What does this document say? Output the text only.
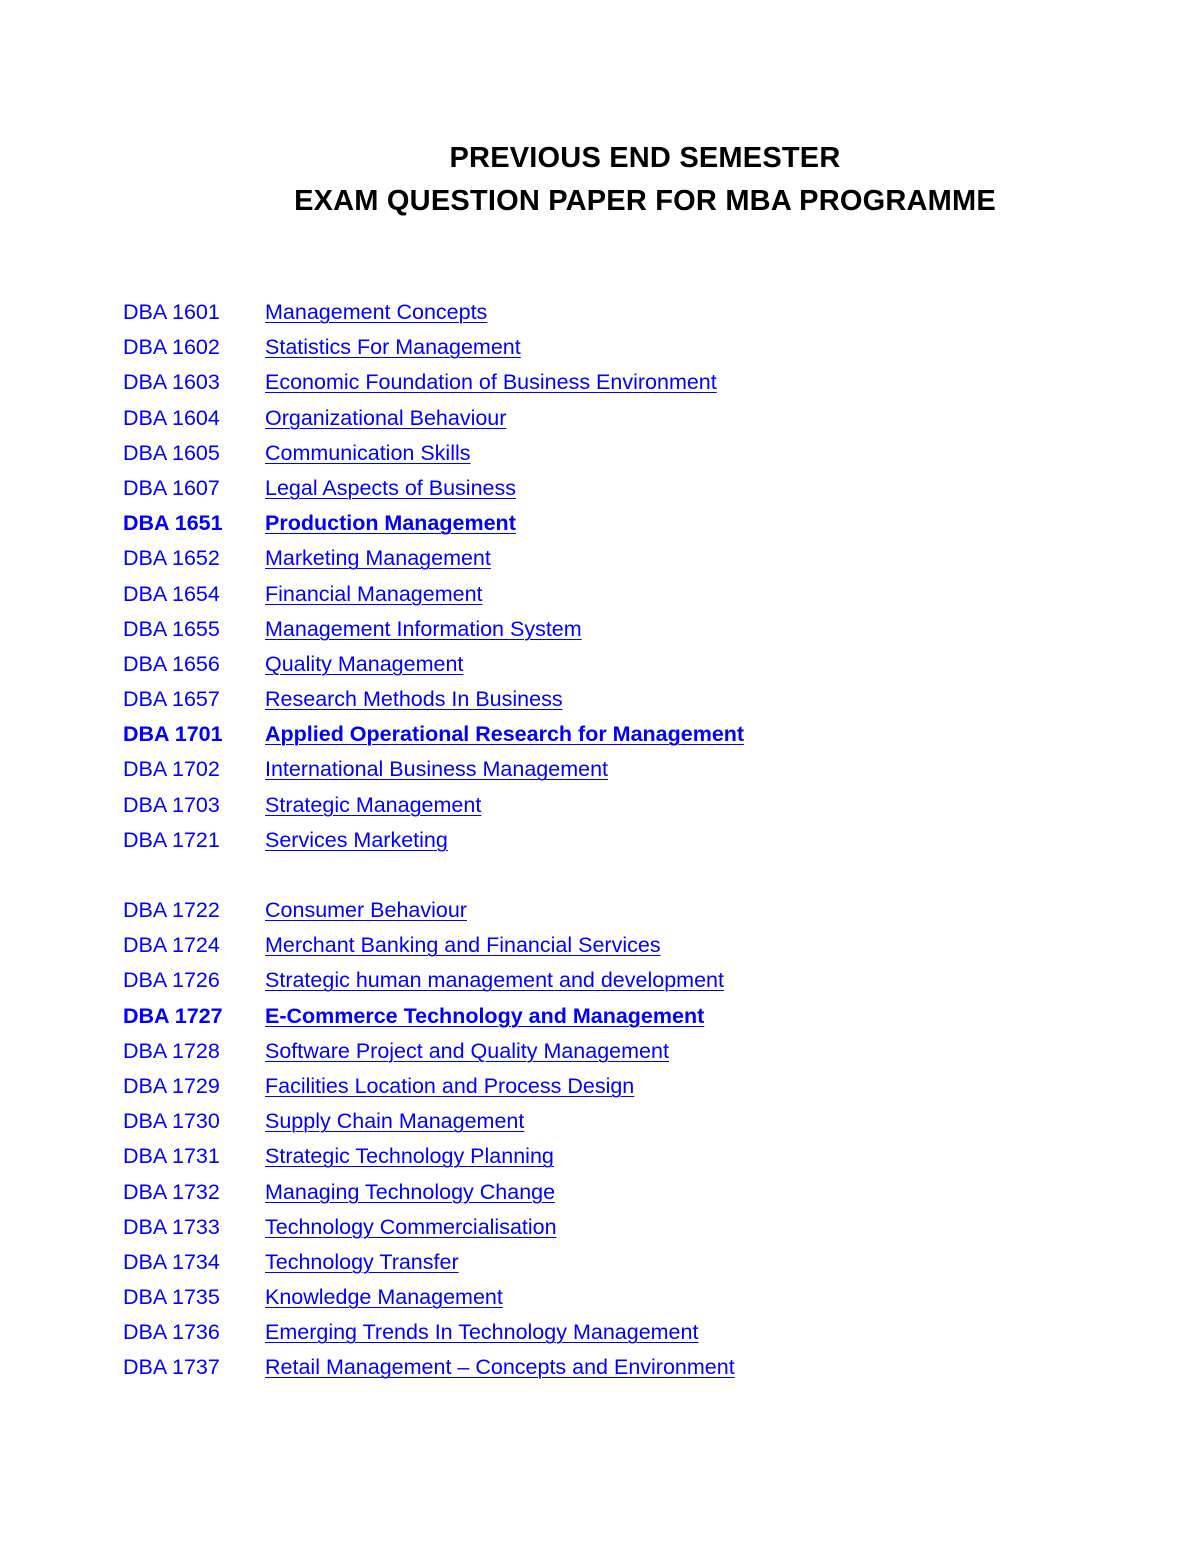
PREVIOUS END SEMESTER
EXAM QUESTION PAPER FOR MBA PROGRAMME
DBA 1601 Management Concepts
DBA 1602 Statistics For Management
DBA 1603 Economic Foundation of Business Environment
DBA 1604 Organizational Behaviour
DBA 1605 Communication Skills
DBA 1607 Legal Aspects of Business
DBA 1651 Production Management
DBA 1652 Marketing Management
DBA 1654 Financial Management
DBA 1655 Management Information System
DBA 1656 Quality Management
DBA 1657 Research Methods In Business
DBA 1701 Applied Operational Research for Management
DBA 1702 International Business Management
DBA 1703 Strategic Management
DBA 1721 Services Marketing
DBA 1722 Consumer Behaviour
DBA 1724 Merchant Banking and Financial Services
DBA 1726 Strategic human management and development
DBA 1727 E-Commerce Technology and Management
DBA 1728 Software Project and Quality Management
DBA 1729 Facilities Location and Process Design
DBA 1730 Supply Chain Management
DBA 1731 Strategic Technology Planning
DBA 1732 Managing Technology Change
DBA 1733 Technology Commercialisation
DBA 1734 Technology Transfer
DBA 1735 Knowledge Management
DBA 1736 Emerging Trends In Technology Management
DBA 1737 Retail Management – Concepts and Environment
